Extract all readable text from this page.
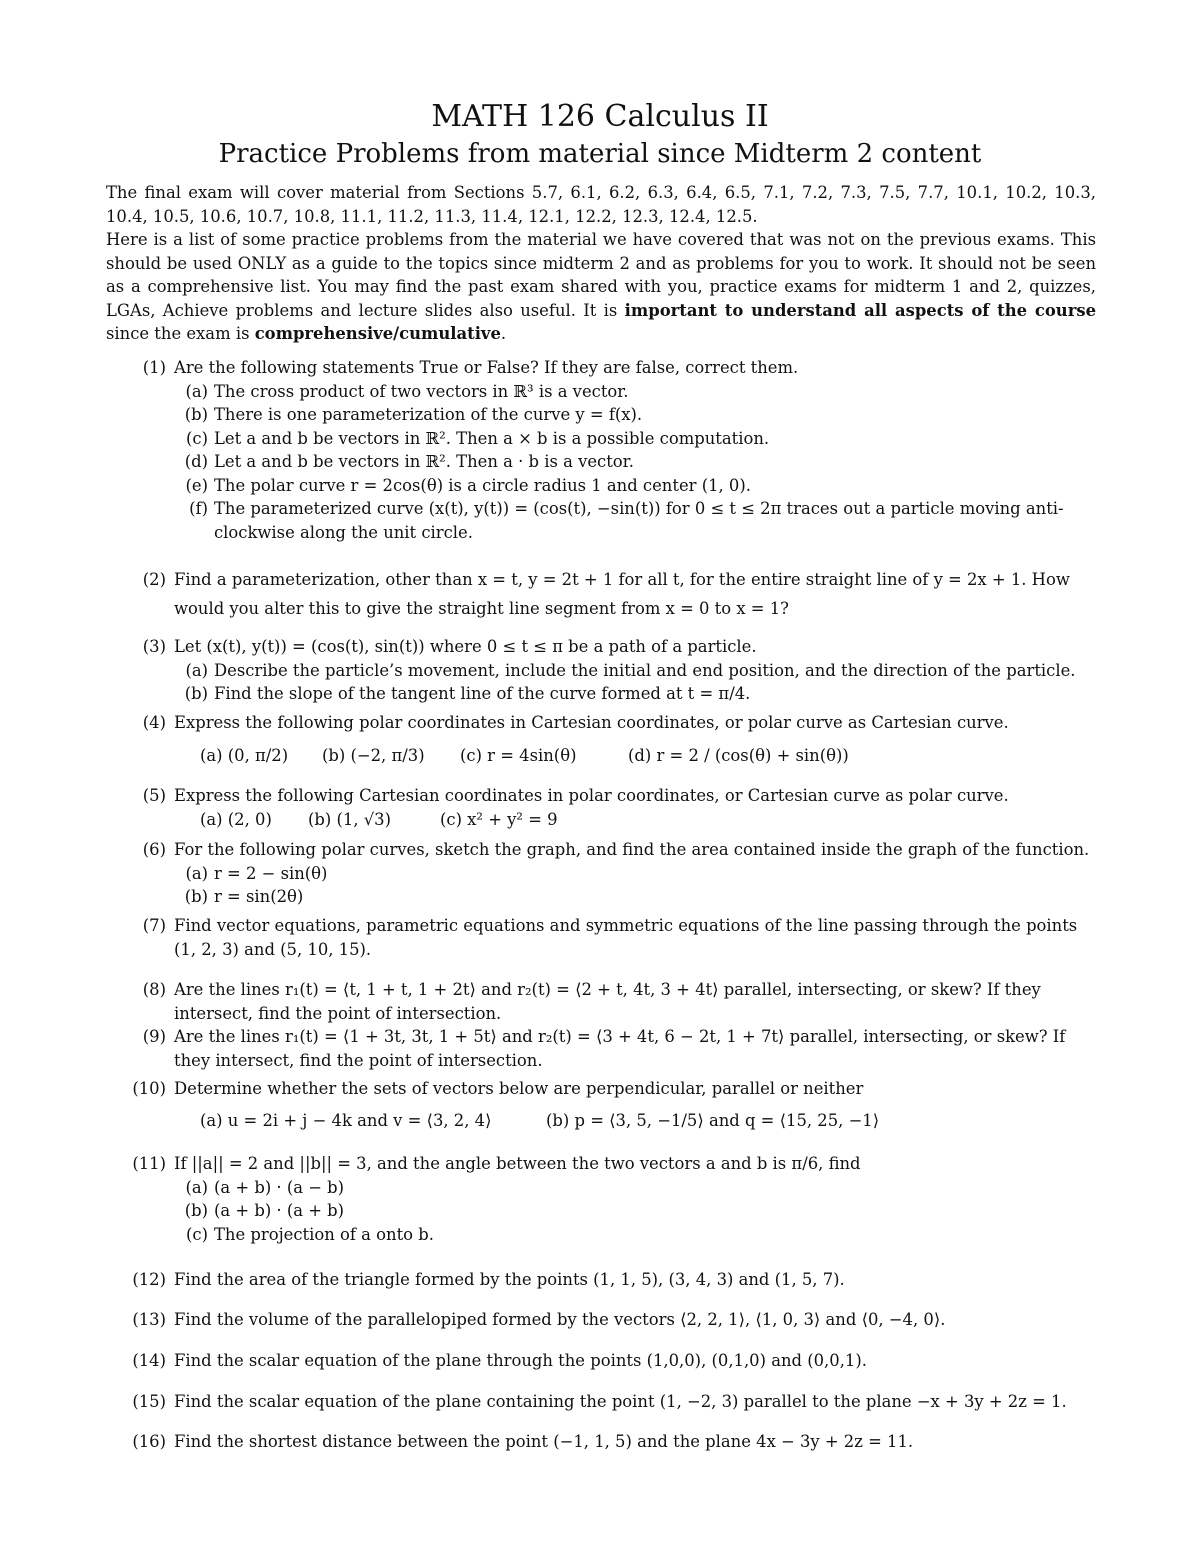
MATH 126 Calculus II
Practice Problems from material since Midterm 2 content

The final exam will cover material from Sections 5.7, 6.1, 6.2, 6.3, 6.4, 6.5, 7.1, 7.2, 7.3, 7.5, 7.7, 10.1, 10.2, 10.3, 10.4, 10.5, 10.6, 10.7, 10.8, 11.1, 11.2, 11.3, 11.4, 12.1, 12.2, 12.3, 12.4, 12.5.

Here is a list of some practice problems from the material we have covered that was not on the previous exams. This should be used ONLY as a guide to the topics since midterm 2 and as problems for you to work. It should not be seen as a comprehensive list. You may find the past exam shared with you, practice exams for midterm 1 and 2, quizzes, LGAs, Achieve problems and lecture slides also useful. It is important to understand all aspects of the course since the exam is comprehensive/cumulative.

(1) Are the following statements True or False? If they are false, correct them.
(a) The cross product of two vectors in ℝ³ is a vector.
(b) There is one parameterization of the curve y = f(x).
(c) Let a and b be vectors in ℝ². Then a × b is a possible computation.
(d) Let a and b be vectors in ℝ². Then a · b is a vector.
(e) The polar curve r = 2cos(θ) is a circle radius 1 and center (1, 0).
(f) The parameterized curve (x(t), y(t)) = (cos(t), −sin(t)) for 0 ≤ t ≤ 2π traces out a particle moving anti-clockwise along the unit circle.
(2) Find a parameterization, other than x = t, y = 2t + 1 for all t, for the entire straight line of y = 2x + 1. How would you alter this to give the straight line segment from x = 0 to x = 1?
(3) Let (x(t), y(t)) = (cos(t), sin(t)) where 0 ≤ t ≤ π be a path of a particle.
(a) Describe the particle’s movement, include the initial and end position, and the direction of the particle.
(b) Find the slope of the tangent line of the curve formed at t = π/4.
(4) Express the following polar coordinates in Cartesian coordinates, or polar curve as Cartesian curve.
(a) (0, π/2)	(b) (−2, π/3)	(c) r = 4sin(θ)	(d) r = 2 / (cos(θ) + sin(θ))
(5) Express the following Cartesian coordinates in polar coordinates, or Cartesian curve as polar curve.
(a) (2, 0)	(b) (1, √3)	(c) x² + y² = 9
(6) For the following polar curves, sketch the graph, and find the area contained inside the graph of the function.
(a) r = 2 − sin(θ)
(b) r = sin(2θ)
(7) Find vector equations, parametric equations and symmetric equations of the line passing through the points (1, 2, 3) and (5, 10, 15).
(8) Are the lines r₁(t) = ⟨t, 1 + t, 1 + 2t⟩ and r₂(t) = ⟨2 + t, 4t, 3 + 4t⟩ parallel, intersecting, or skew? If they intersect, find the point of intersection.
(9) Are the lines r₁(t) = ⟨1 + 3t, 3t, 1 + 5t⟩ and r₂(t) = ⟨3 + 4t, 6 − 2t, 1 + 7t⟩ parallel, intersecting, or skew? If they intersect, find the point of intersection.
(10) Determine whether the sets of vectors below are perpendicular, parallel or neither
(a) u = 2i + j − 4k and v = ⟨3, 2, 4⟩	(b) p = ⟨3, 5, −1/5⟩ and q = ⟨15, 25, −1⟩
(11) If ||a|| = 2 and ||b|| = 3, and the angle between the two vectors a and b is π/6, find
(a) (a + b) · (a − b)
(b) (a + b) · (a + b)
(c) The projection of a onto b.
(12) Find the area of the triangle formed by the points (1, 1, 5), (3, 4, 3) and (1, 5, 7).
(13) Find the volume of the parallelopiped formed by the vectors ⟨2, 2, 1⟩, ⟨1, 0, 3⟩ and ⟨0, −4, 0⟩.
(14) Find the scalar equation of the plane through the points (1,0,0), (0,1,0) and (0,0,1).
(15) Find the scalar equation of the plane containing the point (1, −2, 3) parallel to the plane −x + 3y + 2z = 1.
(16) Find the shortest distance between the point (−1, 1, 5) and the plane 4x − 3y + 2z = 11.
